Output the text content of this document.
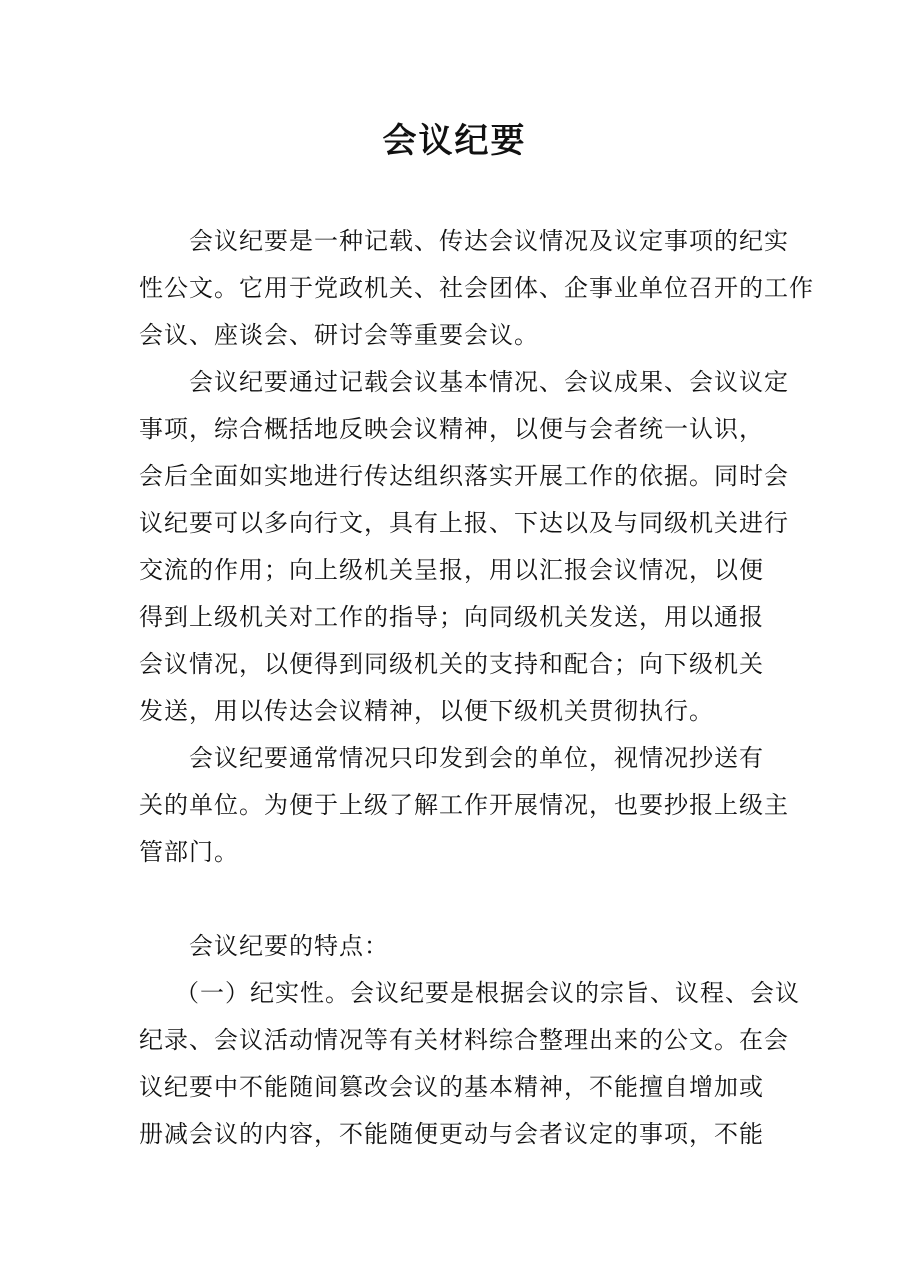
会议纪要
会议纪要是一种记载、传达会议情况及议定事项的纪实
性公文。它用于党政机关、社会团体、企事业单位召开的工作
会议、座谈会、研讨会等重要会议。
会议纪要通过记载会议基本情况、会议成果、会议议定
事项，综合概括地反映会议精神，以便与会者统一认识，
会后全面如实地进行传达组织落实开展工作的依据。同时会
议纪要可以多向行文，具有上报、下达以及与同级机关进行
交流的作用；向上级机关呈报，用以汇报会议情况，以便
得到上级机关对工作的指导；向同级机关发送，用以通报
会议情况，以便得到同级机关的支持和配合；向下级机关
发送，用以传达会议精神，以便下级机关贯彻执行。
会议纪要通常情况只印发到会的单位，视情况抄送有
关的单位。为便于上级了解工作开展情况，也要抄报上级主
管部门。
会议纪要的特点：
（一）纪实性。会议纪要是根据会议的宗旨、议程、会议
纪录、会议活动情况等有关材料综合整理出来的公文。在会
议纪要中不能随间篡改会议的基本精神，不能擅自增加或
册减会议的内容，不能随便更动与会者议定的事项，不能
